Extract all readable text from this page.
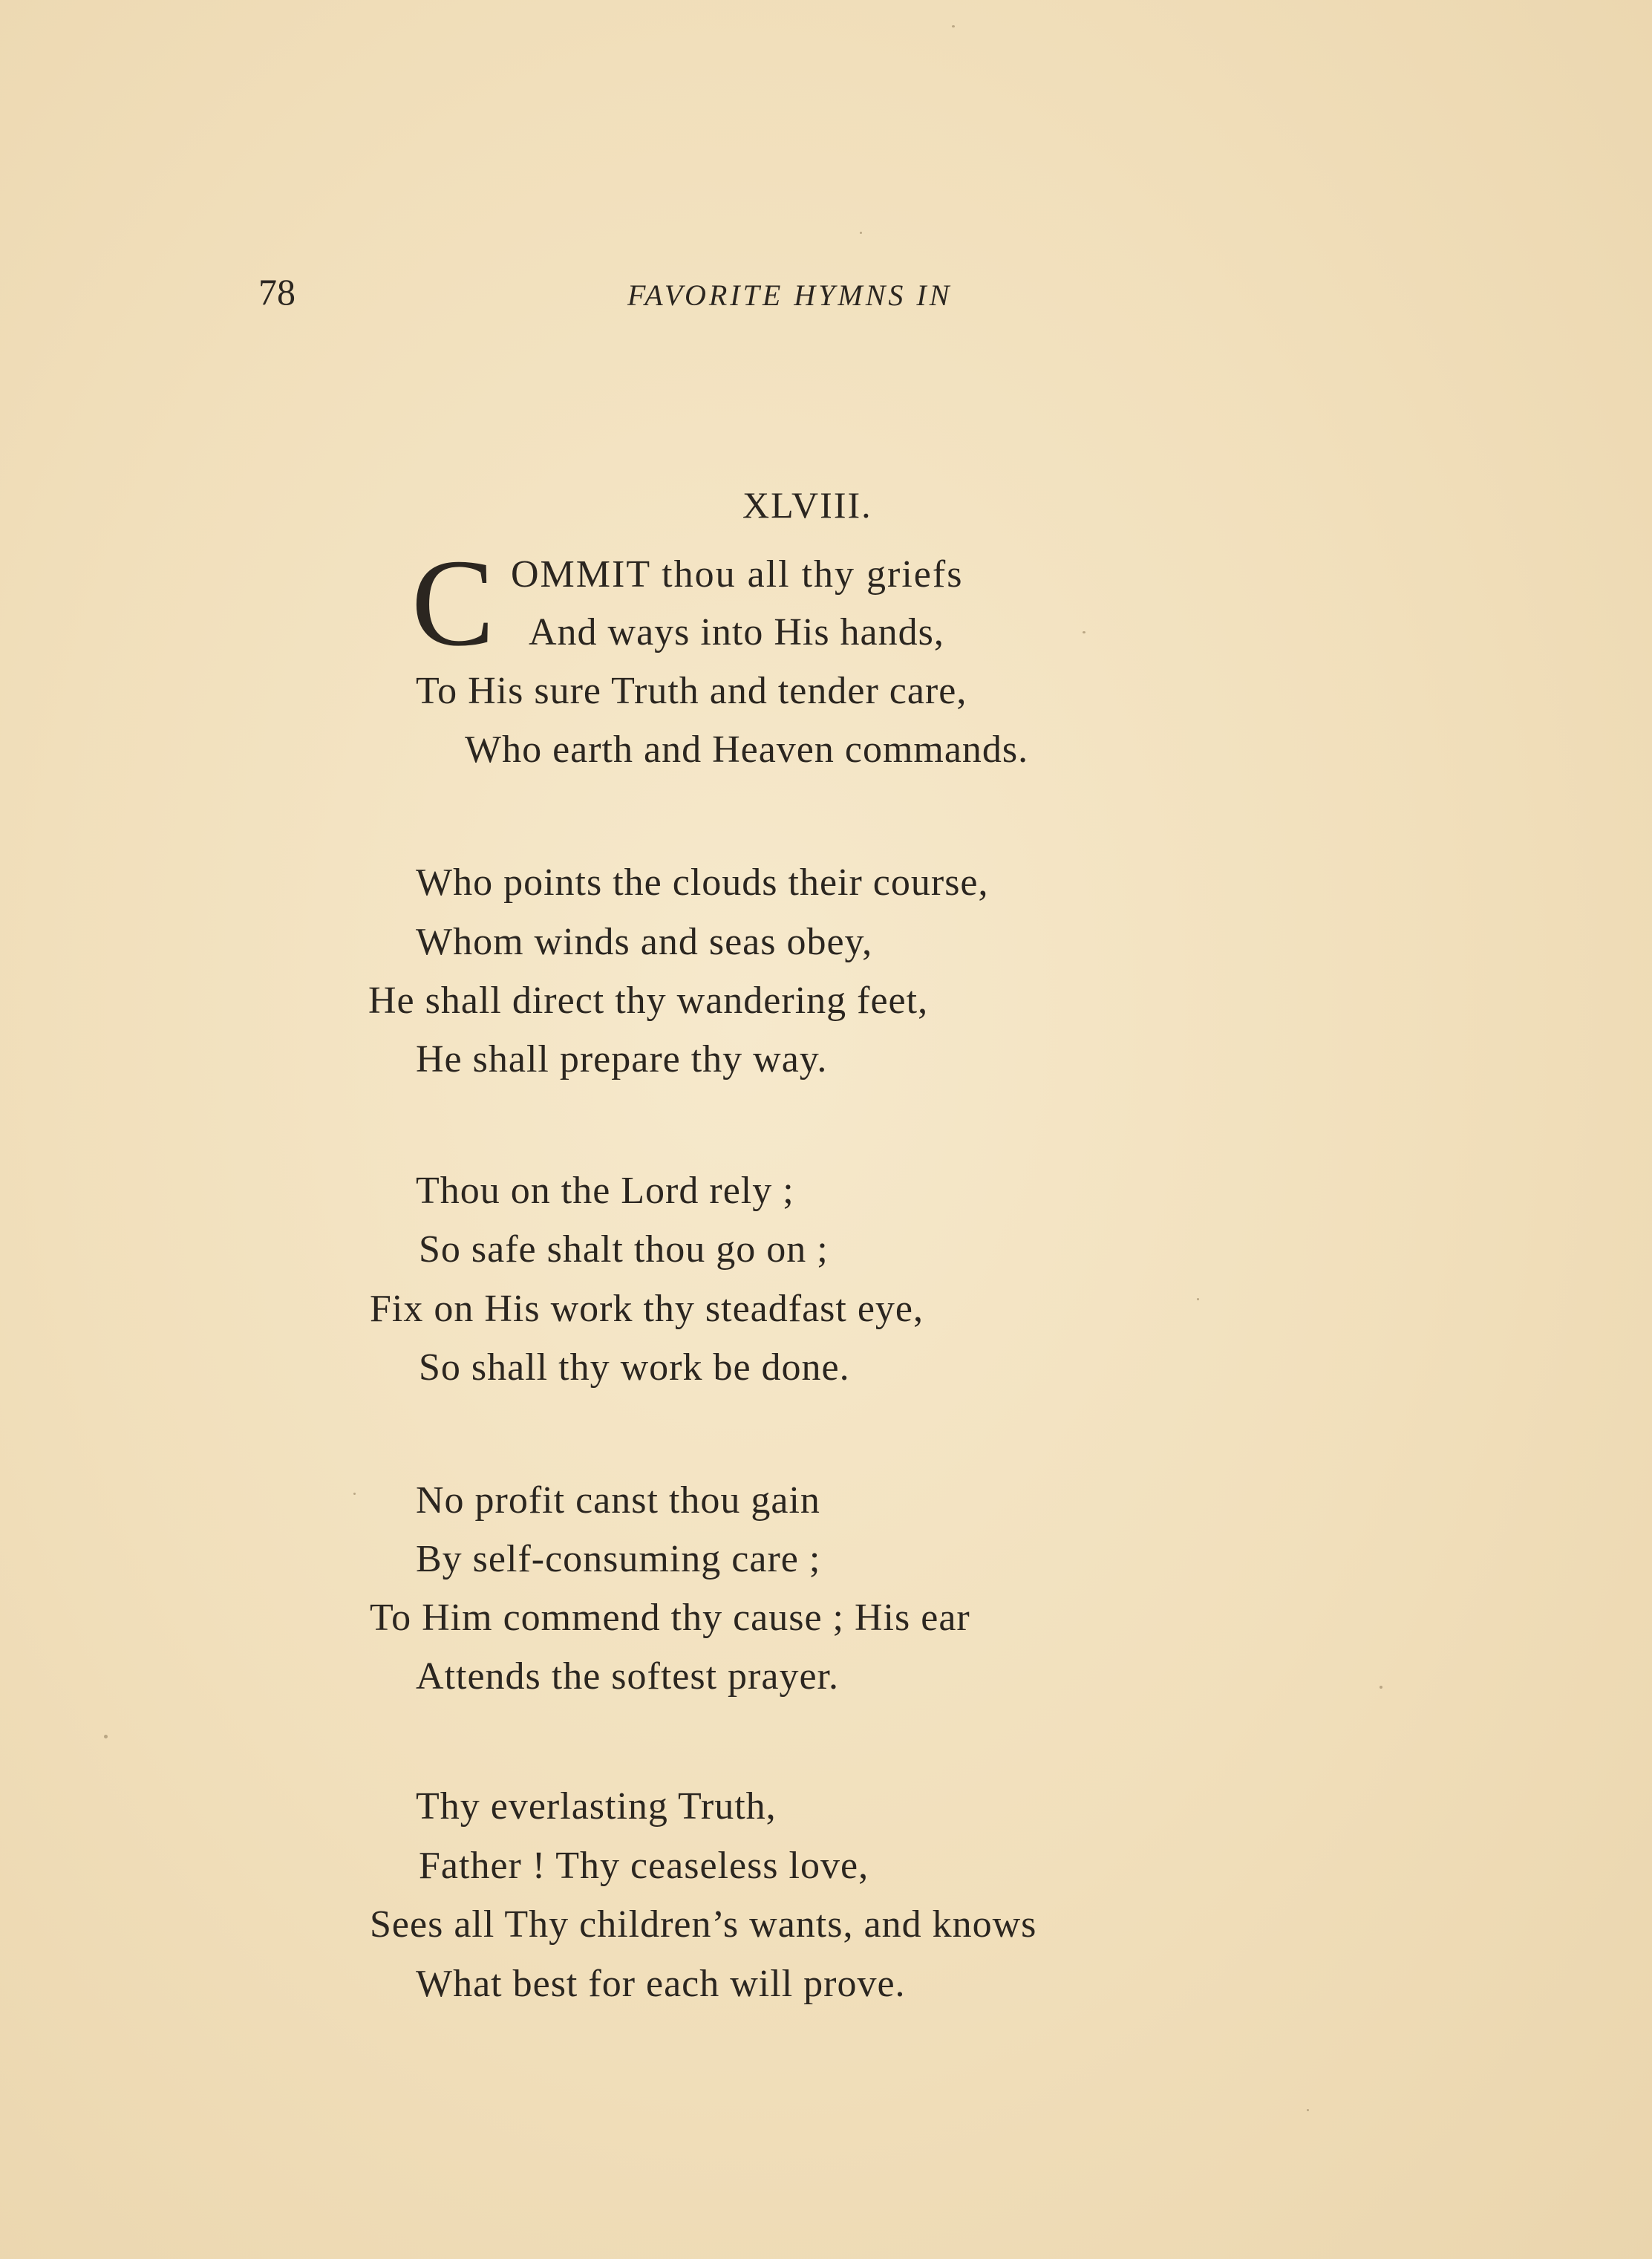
78	FAVORITE HYMNS IN
XLVIII.
C OMMIT thou all thy griefs
And ways into His hands,
To His sure Truth and tender care,
Who earth and Heaven commands.
Who points the clouds their course,
Whom winds and seas obey,
He shall direct thy wandering feet,
He shall prepare thy way.
Thou on the Lord rely ;
So safe shalt thou go on ;
Fix on His work thy steadfast eye,
So shall thy work be done.
No profit canst thou gain
By self-consuming care ;
To Him commend thy cause ; His ear
Attends the softest prayer.
Thy everlasting Truth,
Father ! Thy ceaseless love,
Sees all Thy children’s wants, and knows
What best for each will prove.
